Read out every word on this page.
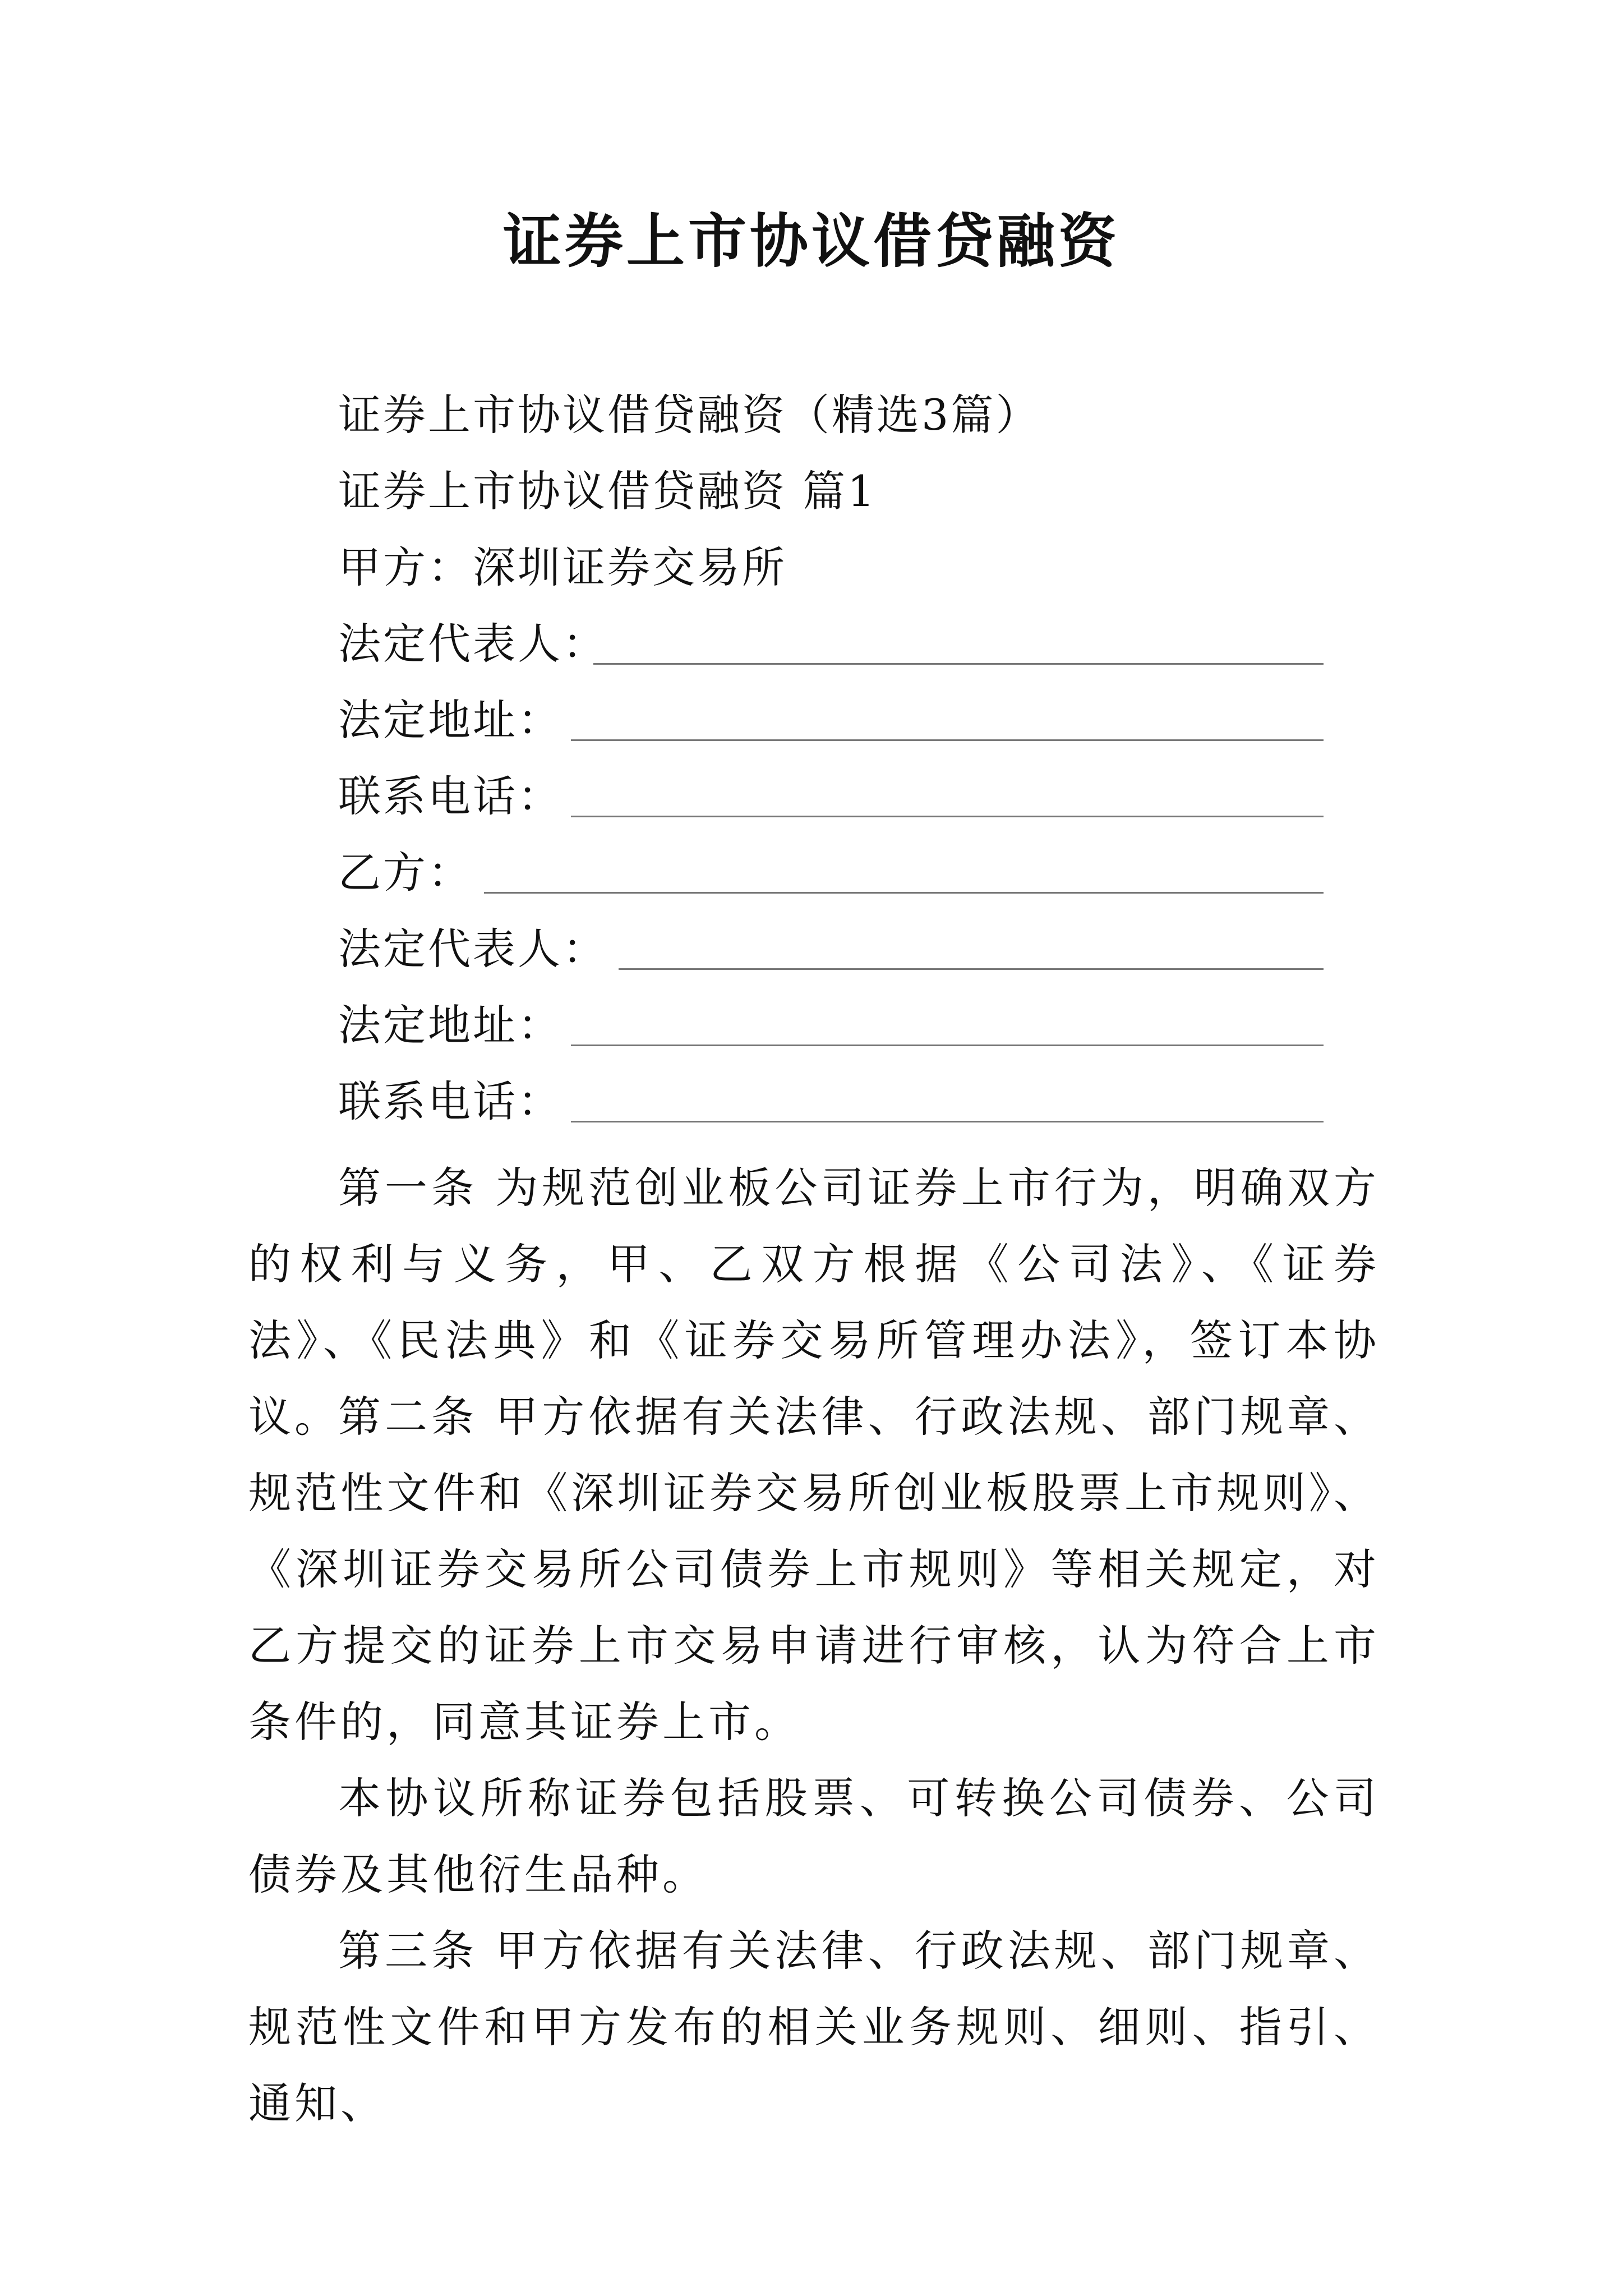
证券上市协议借贷融资
证券上市协议借贷融资（精选3篇）
证券上市协议借贷融资 篇1
甲方：深圳证券交易所
法定代表人：
法定地址：
联系电话：
乙方：
法定代表人：
法定地址：
联系电话：

第一条 为规范创业板公司证券上市行为，明确双方的权利与义务，甲、乙双方根据《公司法》、《证券法》、《民法典》和《证券交易所管理办法》，签订本协议。

第二条 甲方依据有关法律、行政法规、部门规章、规范性文件和《深圳证券交易所创业板股票上市规则》、《深圳证券交易所公司债券上市规则》等相关规定，对乙方提交的证券上市交易申请进行审核，认为符合上市条件的，同意其证券上市。

本协议所称证券包括股票、可转换公司债券、公司债券及其他衍生品种。

第三条 甲方依据有关法律、行政法规、部门规章、规范性文件和甲方发布的相关业务规则、细则、指引、通知、
